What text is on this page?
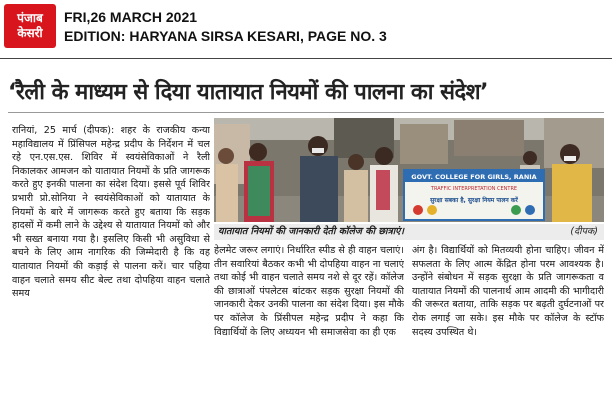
पंजाब
केसरी
FRI,26 MARCH 2021
EDITION: HARYANA SIRSA KESARI, PAGE NO. 3
‘रैली के माध्यम से दिया यातायात नियमों की पालना का संदेश’
रानियां, 25 मार्च (दीपक): शहर के राजकीय कन्या महाविद्यालय में प्रिंसिपल महेन्द्र प्रदीप के निर्देशन में चल रहे एन.एस.एस. शिविर में स्वयंसेविकाओं ने रैली निकालकर आमजन को यातायात नियमों के प्रति जागरूक करते हुए इनकी पालना का संदेश दिया। इससे पूर्व शिविर प्रभारी प्रो.सोनिया ने स्वयंसेविकाओं को यातायात के नियमों के बारे में जागरूक करते हुए बताया कि सड़क हादसों में कमी लाने के उद्देश्य से यातायात नियमों को और भी सख्त बनाया गया है। इसलिए किसी भी असुविधा से बचने के लिए आम नागरिक की जिम्मेदारी है कि वह यातायात नियमों की कड़ाई से पालना करें। चार पहिया वाहन चलाते समय सीट बेल्ट तथा दोपहिया वाहन चलाते समय
GOVT. COLLEGE FOR GIRLS, RANIA
TRAFFIC INTERPRETATION CENTRE
सुरक्षा सबका है, सुरक्षा नियम पालन करें
यातायात नियमों की जानकारी देती कॉलेज की छात्राएं।	(दीपक)
हेलमेट जरूर लगाएं। निर्धारित स्पीड से ही वाहन चलाएं। तीन सवारियां बैठकर कभी भी दोपहिया वाहन ना चलाएं तथा कोई भी वाहन चलाते समय नशे से दूर रहें। कॉलेज की छात्राओं पंपलेटस बांटकर सड़क सुरक्षा नियमों की जानकारी देकर उनकी पालना का संदेश दिया। इस मौके पर कॉलेज के प्रिंसीपल महेन्द्र प्रदीप ने कहा कि विद्यार्थियों के लिए अध्ययन भी समाजसेवा का ही एक
अंग है। विद्यार्थियों को मितव्ययी होना चाहिए। जीवन में सफलता के लिए आत्म केंद्रित होना परम आवश्यक है। उन्होंने संबोधन में सड़क सुरक्षा के प्रति जागरूकता व यातायात नियमों की पालनार्थ आम आदमी की भागीदारी की जरूरत बताया, ताकि सड़क पर बढ़ती दुर्घटनाओं पर रोक लगाई जा सके। इस मौके पर कॉलेज के स्टॉफ सदस्य उपस्थित थे।
